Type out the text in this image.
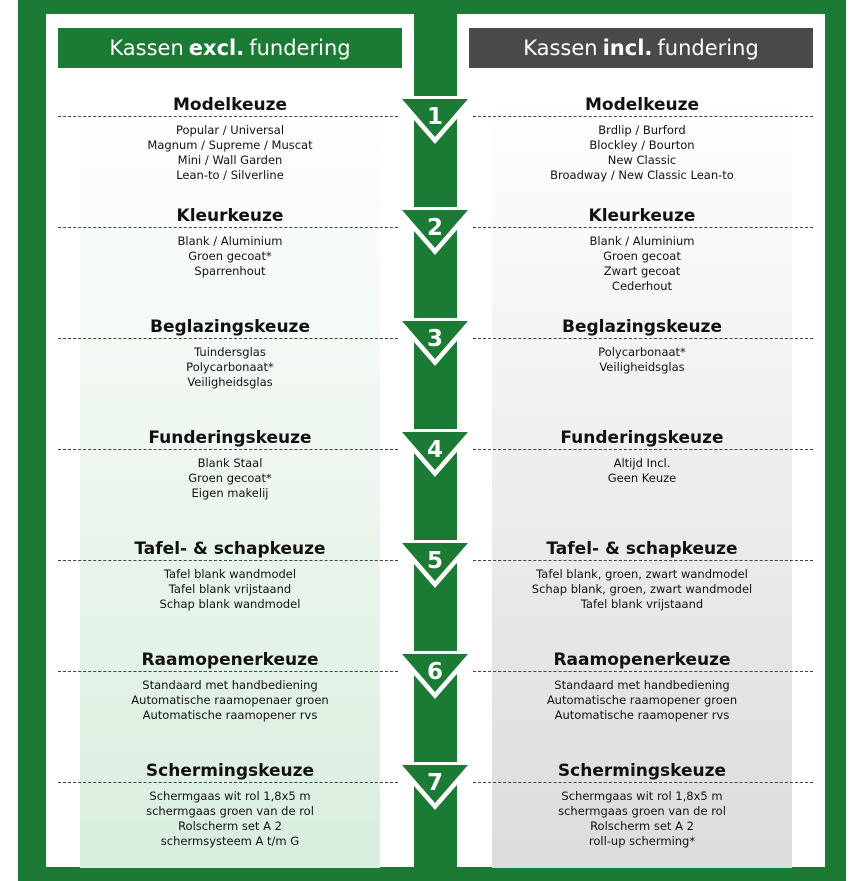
Kassen excl. fundering	Kassen incl. fundering
Modelkeuze
Popular / Universal
Magnum / Supreme / Muscat
Mini / Wall Garden
Lean-to / Silverline
Modelkeuze
Brdlip / Burford
Blockley / Bourton
New Classic
Broadway / New Classic Lean-to
1
Kleurkeuze
Blank / Aluminium
Groen gecoat*
Sparrenhout
Kleurkeuze
Blank / Aluminium
Groen gecoat
Zwart gecoat
Cederhout
2
Beglazingskeuze
Tuindersglas
Polycarbonaat*
Veiligheidsglas
Beglazingskeuze
Polycarbonaat*
Veiligheidsglas
3
Funderingskeuze
Blank Staal
Groen gecoat*
Eigen makelij
Funderingskeuze
Altijd Incl.
Geen Keuze
4
Tafel- & schapkeuze
Tafel blank wandmodel
Tafel blank vrijstaand
Schap blank wandmodel
Tafel- & schapkeuze
Tafel blank, groen, zwart wandmodel
Schap blank, groen, zwart wandmodel
Tafel blank vrijstaand
5
Raamopenerkeuze
Standaard met handbediening
Automatische raamopenaer groen
Automatische raamopener rvs
Raamopenerkeuze
Standaard met handbediening
Automatische raamopener groen
Automatische raamopener rvs
6
Schermingskeuze
Schermgaas wit rol 1,8x5 m
schermgaas groen van de rol
Rolscherm set A 2
schermsysteem A t/m G
Schermingskeuze
Schermgaas wit rol 1,8x5 m
schermgaas groen van de rol
Rolscherm set A 2
roll-up scherming*
7
